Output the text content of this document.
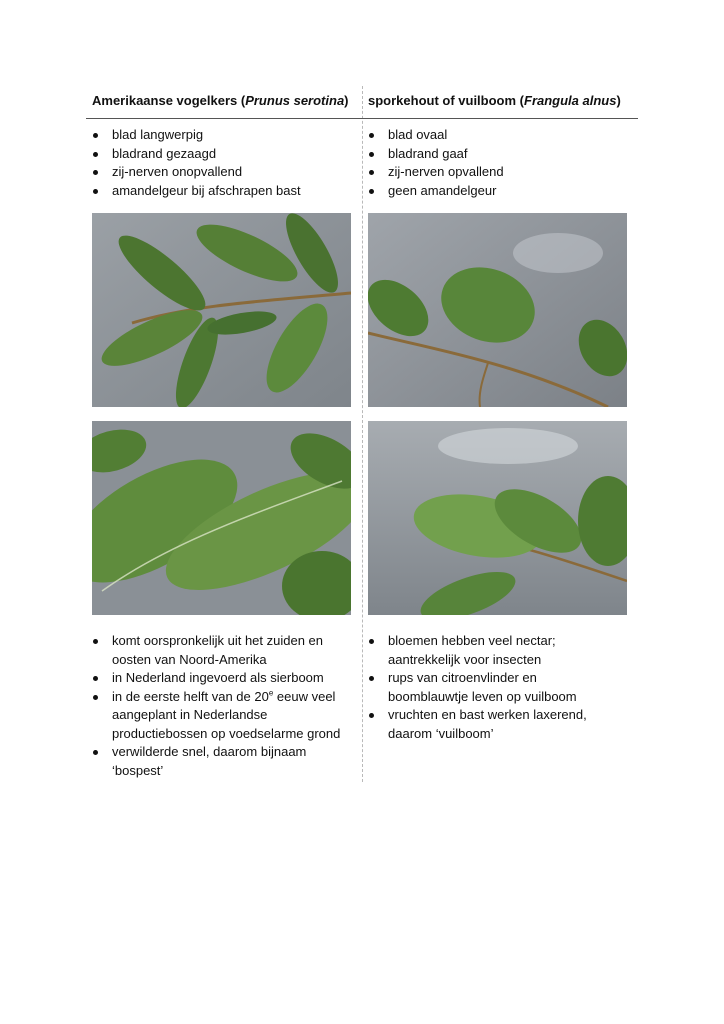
Amerikaanse vogelkers (Prunus serotina) sporkehout of vuilboom (Frangula alnus)
blad langwerpig
bladrand gezaagd
zij-nerven onopvallend
amandelgeur bij afschrapen bast
blad ovaal
bladrand gaaf
zij-nerven opvallend
geen amandelgeur
komt oorspronkelijk uit het zuiden en oosten van Noord-Amerika
in Nederland ingevoerd als sierboom
in de eerste helft van de 20e eeuw veel aangeplant in Nederlandse productiebossen op voedselarme grond
verwilderde snel, daarom bijnaam ‘bospest’
bloemen hebben veel nectar; aantrekkelijk voor insecten
rups van citroenvlinder en boomblauwtje leven op vuilboom
vruchten en bast werken laxerend, daarom ‘vuilboom’
